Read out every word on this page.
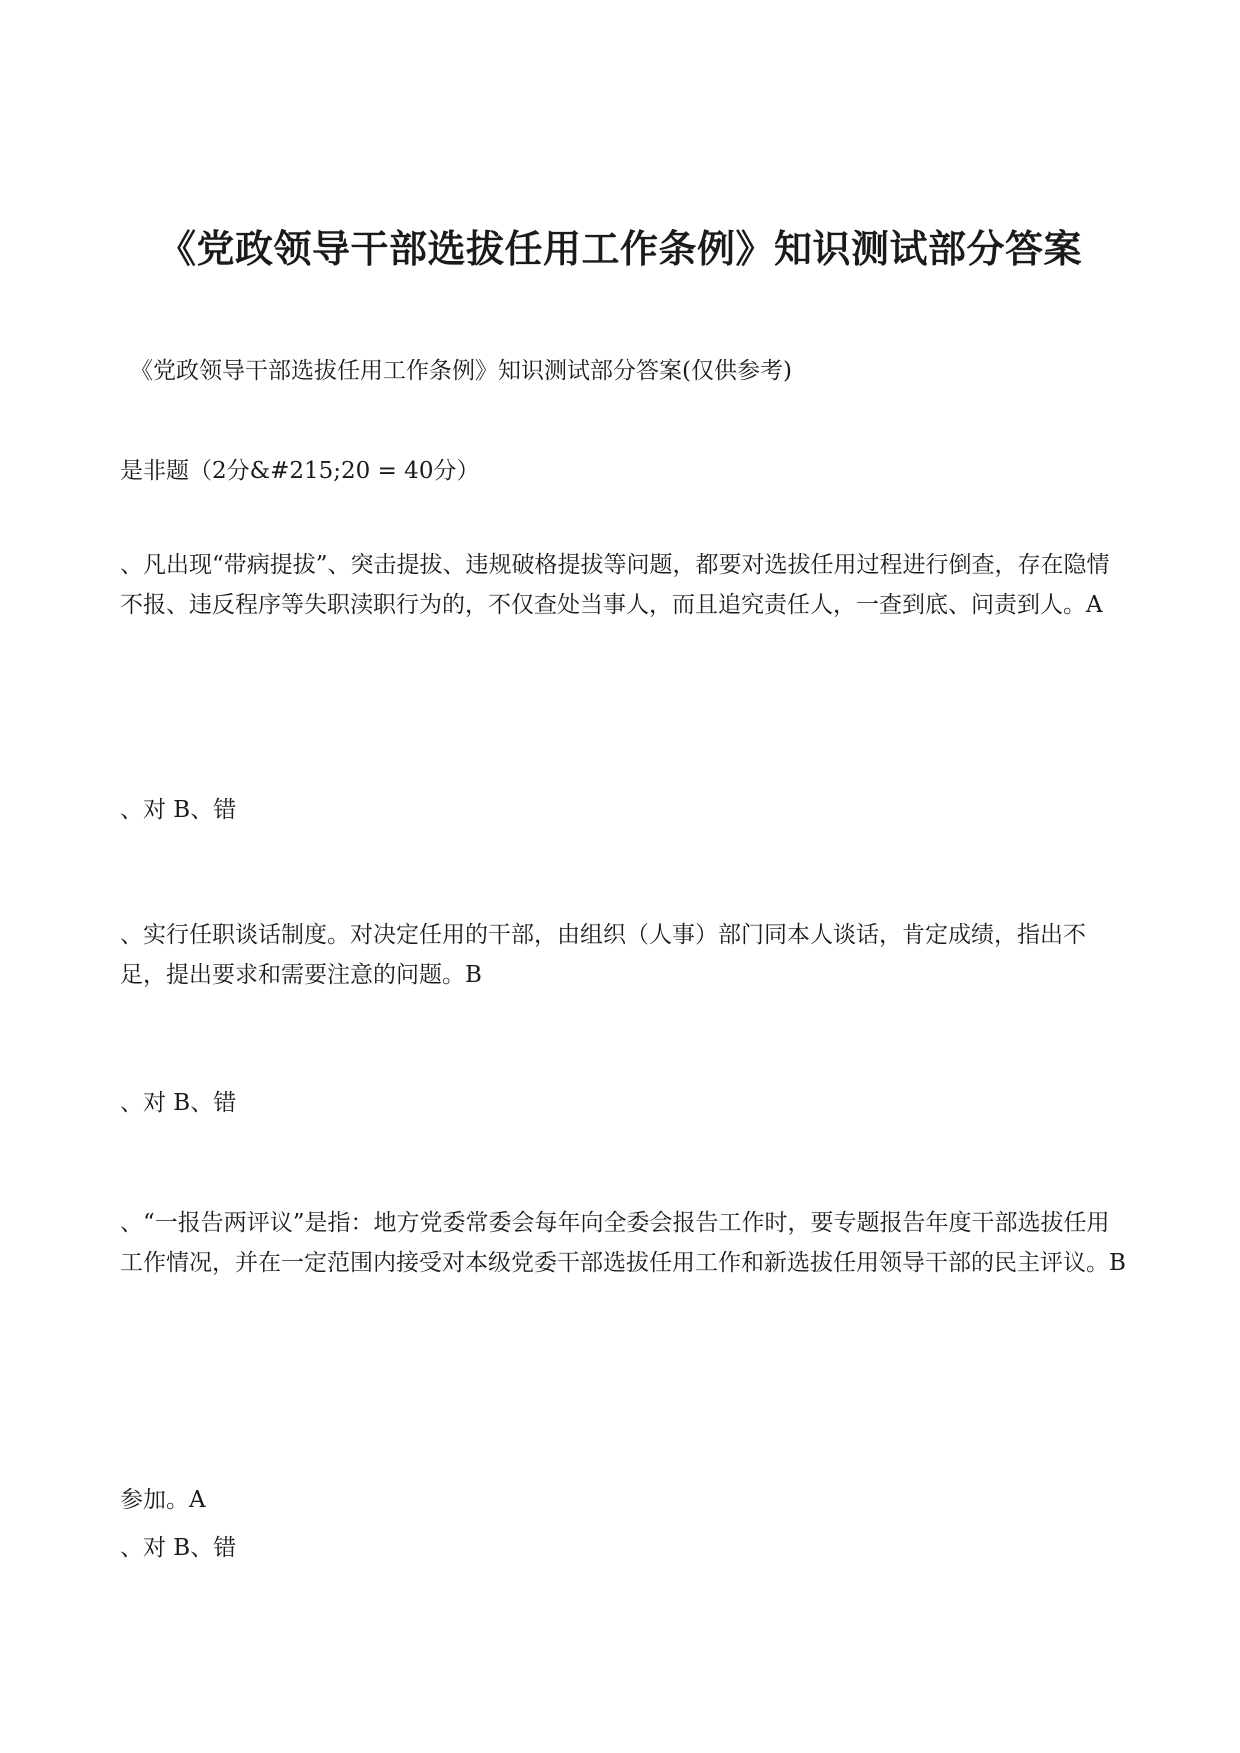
《党政领导干部选拔任用工作条例》知识测试部分答案
《党政领导干部选拔任用工作条例》知识测试部分答案(仅供参考)
是非题（2分&#215;20 = 40分）
、凡出现“带病提拔”、突击提拔、违规破格提拔等问题，都要对选拔任用过程进行倒查，存在隐情不报、违反程序等失职渎职行为的，不仅查处当事人，而且追究责任人，一查到底、问责到人。A
、对 B、错
、实行任职谈话制度。对决定任用的干部，由组织（人事）部门同本人谈话，肯定成绩，指出不足，提出要求和需要注意的问题。B
、对 B、错
、“一报告两评议”是指：地方党委常委会每年向全委会报告工作时，要专题报告年度干部选拔任用工作情况，并在一定范围内接受对本级党委干部选拔任用工作和新选拔任用领导干部的民主评议。B
参加。A
、对 B、错
